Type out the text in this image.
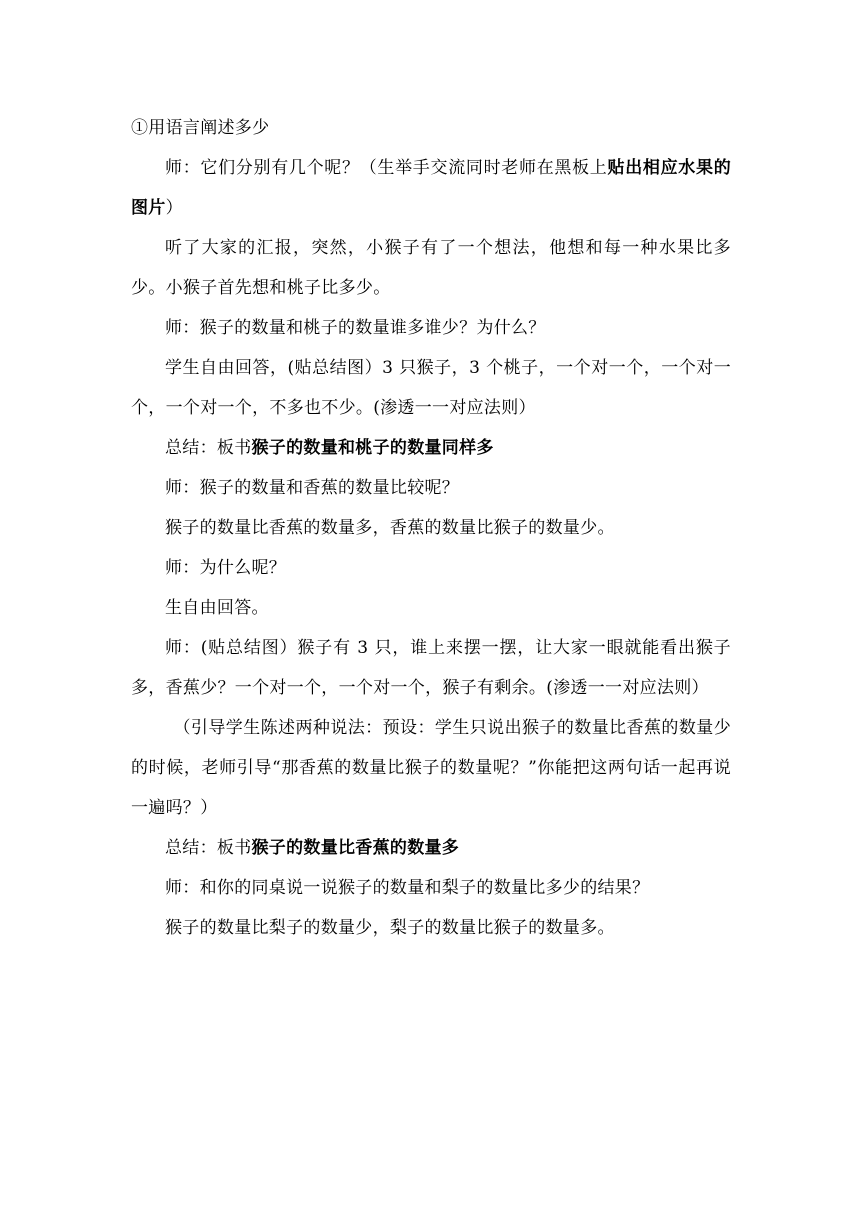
①用语言阐述多少

师：它们分别有几个呢？（生举手交流同时老师在黑板上贴出相应水果的图片）

听了大家的汇报，突然，小猴子有了一个想法，他想和每一种水果比多少。小猴子首先想和桃子比多少。

师：猴子的数量和桃子的数量谁多谁少？为什么？

学生自由回答，(贴总结图）3 只猴子，3 个桃子，一个对一个，一个对一个，一个对一个，不多也不少。(渗透一一对应法则）

总结：板书猴子的数量和桃子的数量同样多

师：猴子的数量和香蕉的数量比较呢？

猴子的数量比香蕉的数量多，香蕉的数量比猴子的数量少。

师：为什么呢？

生自由回答。

师：(贴总结图）猴子有 3 只，谁上来摆一摆，让大家一眼就能看出猴子多，香蕉少？一个对一个，一个对一个，猴子有剩余。(渗透一一对应法则）

（引导学生陈述两种说法：预设：学生只说出猴子的数量比香蕉的数量少的时候，老师引导“那香蕉的数量比猴子的数量呢？”你能把这两句话一起再说一遍吗？）

总结：板书猴子的数量比香蕉的数量多

师：和你的同桌说一说猴子的数量和梨子的数量比多少的结果？

猴子的数量比梨子的数量少，梨子的数量比猴子的数量多。
